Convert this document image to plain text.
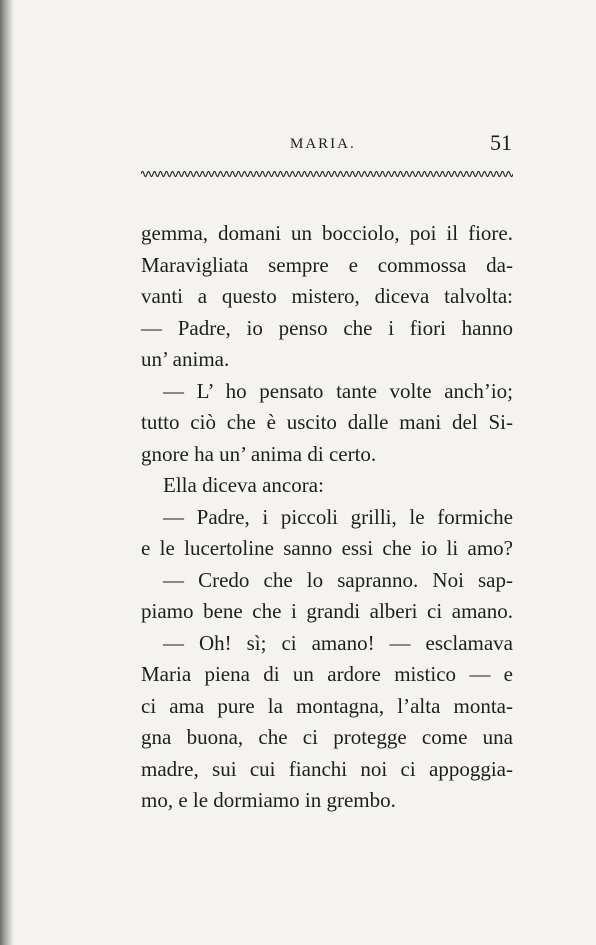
MARIA.	51
gemma, domani un bocciolo, poi il fiore.
Maravigliata sempre e commossa da-
vanti a questo mistero, diceva talvolta:
— Padre, io penso che i fiori hanno
un’ anima.
— L’ ho pensato tante volte anch’io;
tutto ciò che è uscito dalle mani del Si-
gnore ha un’ anima di certo.
Ella diceva ancora:
— Padre, i piccoli grilli, le formiche
e le lucertoline sanno essi che io li amo?
— Credo che lo sapranno. Noi sap-
piamo bene che i grandi alberi ci amano.
— Oh! sì; ci amano! — esclamava
Maria piena di un ardore mistico — e
ci ama pure la montagna, l’alta monta-
gna buona, che ci protegge come una
madre, sui cui fianchi noi ci appoggia-
mo, e le dormiamo in grembo.
